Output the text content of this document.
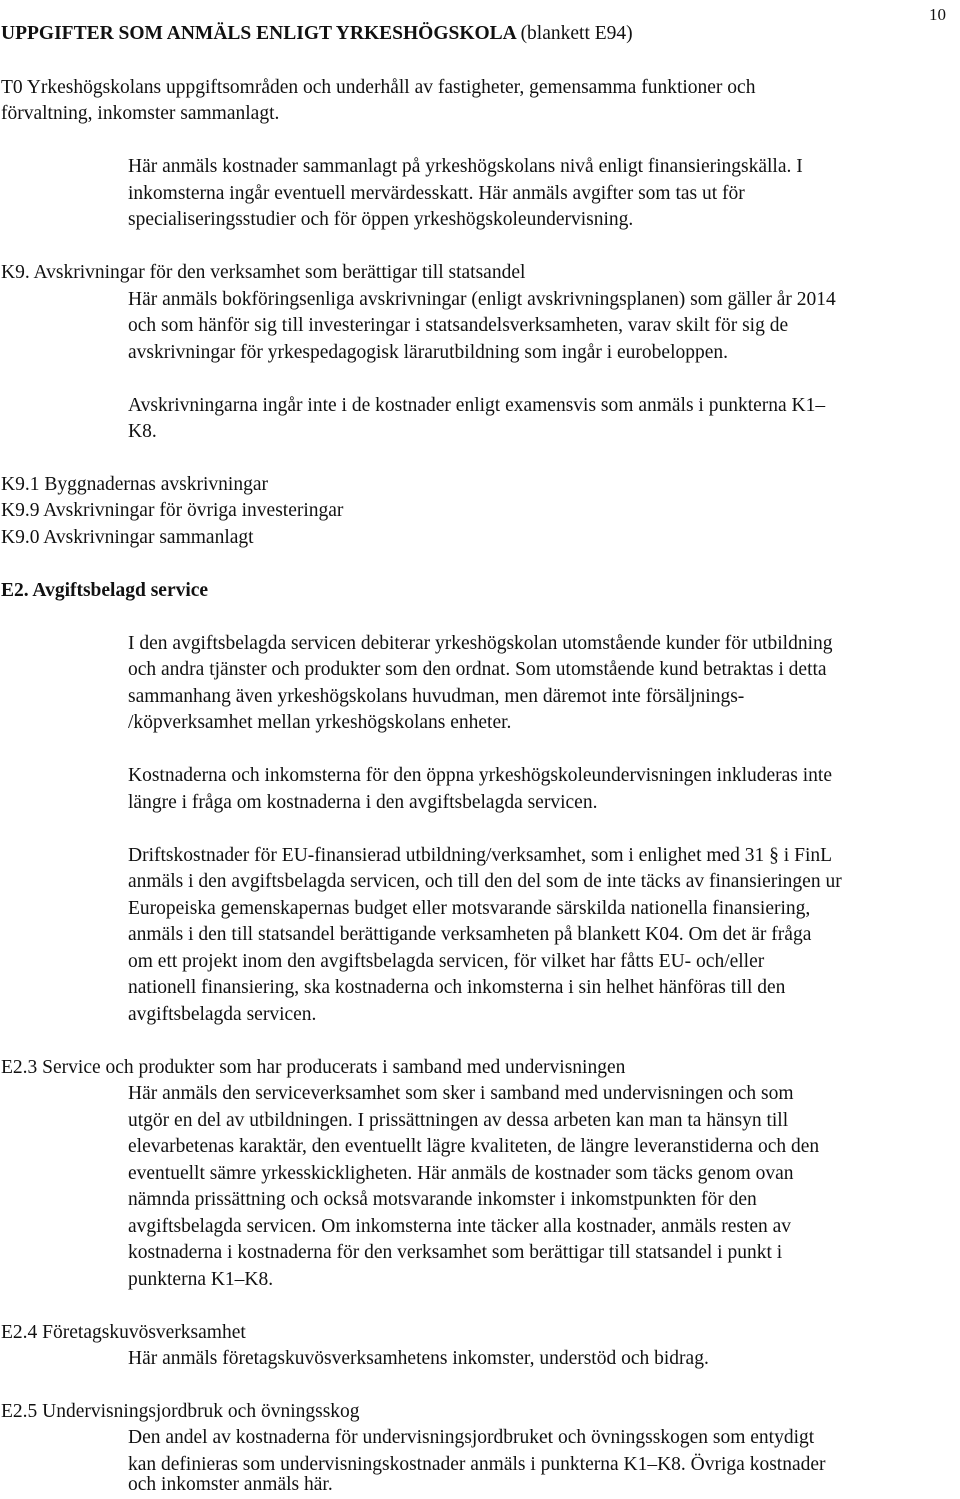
UPPGIFTER SOM ANMÄLS ENLIGT YRKESHÖGSKOLA (blankett E94)
10
T0 Yrkeshögskolans uppgiftsområden och underhåll av fastigheter, gemensamma funktioner och
förvaltning, inkomster sammanlagt.
Här anmäls kostnader sammanlagt på yrkeshögskolans nivå enligt finansieringskälla. I
inkomsterna ingår eventuell mervärdesskatt. Här anmäls avgifter som tas ut för
specialiseringsstudier och för öppen yrkeshögskoleundervisning.
K9. Avskrivningar för den verksamhet som berättigar till statsandel
Här anmäls bokföringsenliga avskrivningar (enligt avskrivningsplanen) som gäller år 2014
och som hänför sig till investeringar i statsandelsverksamheten, varav skilt för sig de
avskrivningar för yrkespedagogisk lärarutbildning som ingår i eurobeloppen.
Avskrivningarna ingår inte i de kostnader enligt examensvis som anmäls i punkterna K1–
K8.
K9.1 Byggnadernas avskrivningar
K9.9 Avskrivningar för övriga investeringar
K9.0 Avskrivningar sammanlagt
E2. Avgiftsbelagd service
I den avgiftsbelagda servicen debiterar yrkeshögskolan utomstående kunder för utbildning
och andra tjänster och produkter som den ordnat. Som utomstående kund betraktas i detta
sammanhang även yrkeshögskolans huvudman, men däremot inte försäljnings-
/köpverksamhet mellan yrkeshögskolans enheter.
Kostnaderna och inkomsterna för den öppna yrkeshögskoleundervisningen inkluderas inte
längre i fråga om kostnaderna i den avgiftsbelagda servicen.
Driftskostnader för EU-finansierad utbildning/verksamhet, som i enlighet med 31 § i FinL
anmäls i den avgiftsbelagda servicen, och till den del som de inte täcks av finansieringen ur
Europeiska gemenskapernas budget eller motsvarande särskilda nationella finansiering,
anmäls i den till statsandel berättigande verksamheten på blankett K04. Om det är fråga
om ett projekt inom den avgiftsbelagda servicen, för vilket har fåtts EU- och/eller
nationell finansiering, ska kostnaderna och inkomsterna i sin helhet hänföras till den
avgiftsbelagda servicen.
E2.3 Service och produkter som har producerats i samband med undervisningen
Här anmäls den serviceverksamhet som sker i samband med undervisningen och som
utgör en del av utbildningen. I prissättningen av dessa arbeten kan man ta hänsyn till
elevarbetenas karaktär, den eventuellt lägre kvaliteten, de längre leveranstiderna och den
eventuellt sämre yrkesskickligheten. Här anmäls de kostnader som täcks genom ovan
nämnda prissättning och också motsvarande inkomster i inkomstpunkten för den
avgiftsbelagda servicen. Om inkomsterna inte täcker alla kostnader, anmäls resten av
kostnaderna i kostnaderna för den verksamhet som berättigar till statsandel i punkt i
punkterna K1–K8.
E2.4 Företagskuvösverksamhet
Här anmäls företagskuvösverksamhetens inkomster, understöd och bidrag.
E2.5 Undervisningsjordbruk och övningsskog
Den andel av kostnaderna för undervisningsjordbruket och övningsskogen som entydigt
kan definieras som undervisningskostnader anmäls i punkterna K1–K8. Övriga kostnader
och inkomster anmäls här.
